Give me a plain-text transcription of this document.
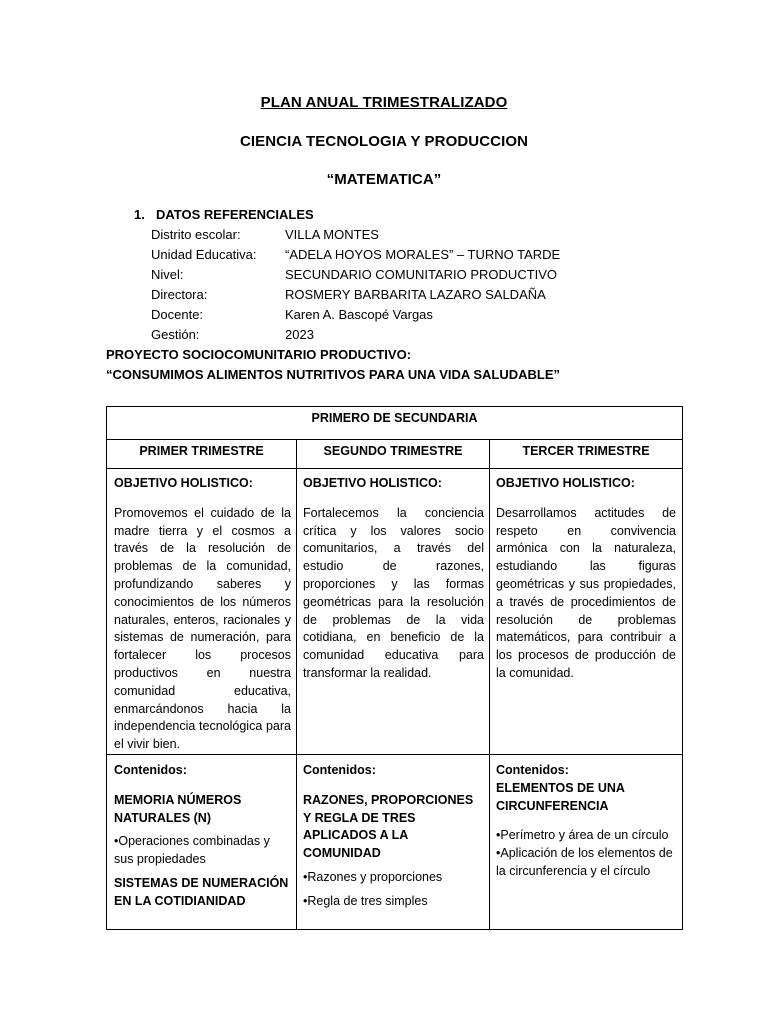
PLAN ANUAL TRIMESTRALIZADO
CIENCIA TECNOLOGIA Y PRODUCCION
“MATEMATICA”
1. DATOS REFERENCIALES
Distrito escolar:	VILLA MONTES
Unidad Educativa:	“ADELA HOYOS MORALES” – TURNO TARDE
Nivel:	SECUNDARIO COMUNITARIO PRODUCTIVO
Directora:	ROSMERY BARBARITA LAZARO SALDAÑA
Docente:	Karen A. Bascopé Vargas
Gestión:	2023
PROYECTO SOCIOCOMUNITARIO PRODUCTIVO:
“CONSUMIMOS ALIMENTOS NUTRITIVOS PARA UNA VIDA SALUDABLE”
PRIMERO DE SECUNDARIA
PRIMER TRIMESTRE	SEGUNDO TRIMESTRE	TERCER TRIMESTRE
OBJETIVO HOLISTICO:
Promovemos el cuidado de la madre tierra y el cosmos a través de la resolución de problemas de la comunidad, profundizando saberes y conocimientos de los números naturales, enteros, racionales y sistemas de numeración, para fortalecer los procesos productivos en nuestra comunidad educativa, enmarcándonos hacia la independencia tecnológica para el vivir bien.
OBJETIVO HOLISTICO:
Fortalecemos la conciencia crítica y los valores socio comunitarios, a través del estudio de razones, proporciones y las formas geométricas para la resolución de problemas de la vida cotidiana, en beneficio de la comunidad educativa para transformar la realidad.
OBJETIVO HOLISTICO:
Desarrollamos actitudes de respeto en convivencia armónica con la naturaleza, estudiando las figuras geométricas y sus propiedades, a través de procedimientos de resolución de problemas matemáticos, para contribuir a los procesos de producción de la comunidad.
Contenidos:
MEMORIA NÚMEROS NATURALES (N)
•Operaciones combinadas y sus propiedades
SISTEMAS DE NUMERACIÓN EN LA COTIDIANIDAD
Contenidos:
RAZONES, PROPORCIONES Y REGLA DE TRES APLICADOS A LA COMUNIDAD
•Razones y proporciones
•Regla de tres simples
Contenidos:
ELEMENTOS DE UNA CIRCUNFERENCIA
•Perímetro y área de un círculo
•Aplicación de los elementos de la circunferencia y el círculo
